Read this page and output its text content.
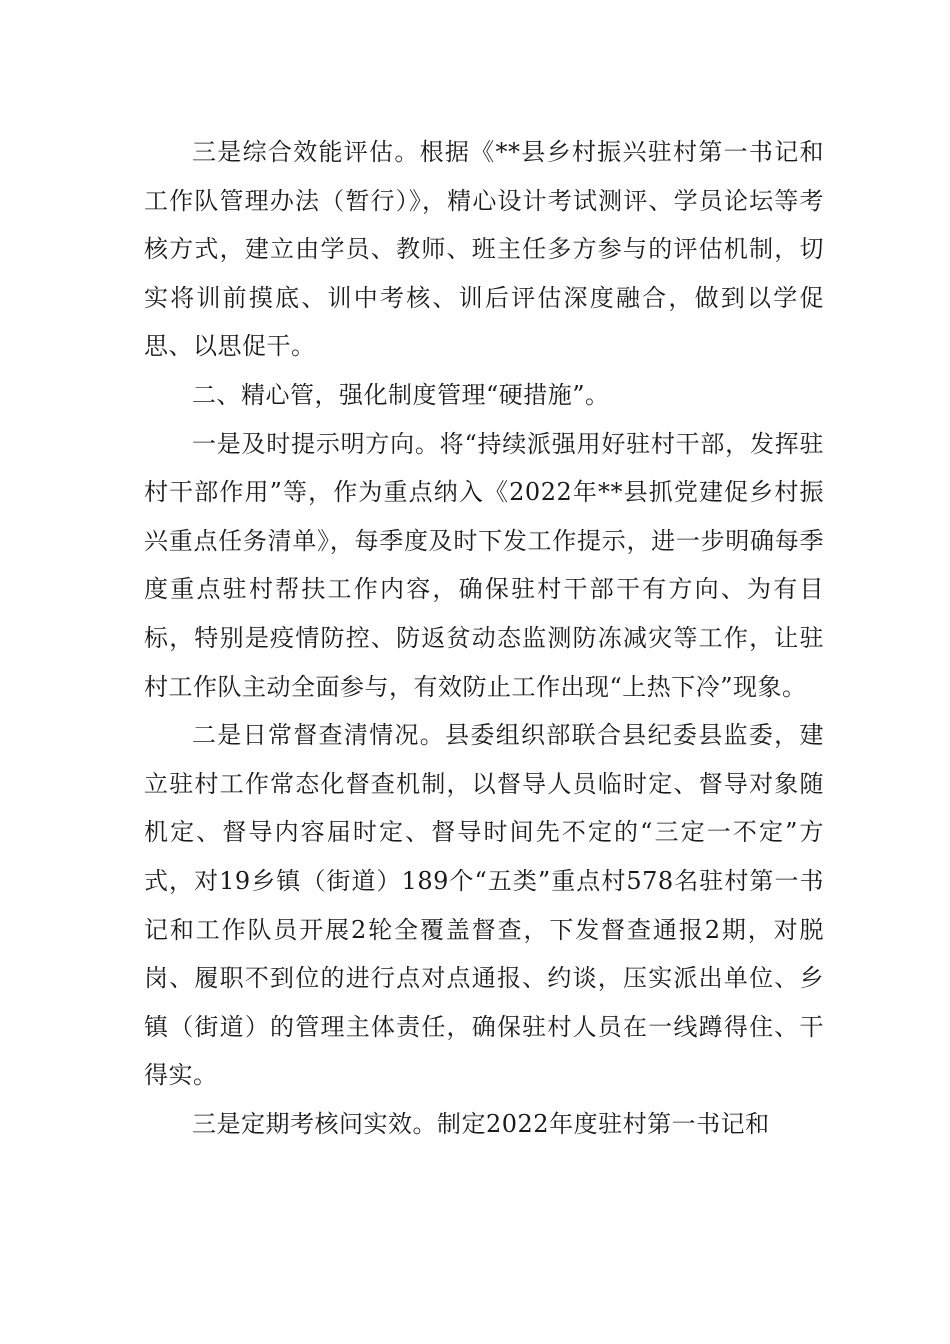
三是综合效能评估。根据《**县乡村振兴驻村第一书记和工作队管理办法（暂行）》，精心设计考试测评、学员论坛等考核方式，建立由学员、教师、班主任多方参与的评估机制，切实将训前摸底、训中考核、训后评估深度融合，做到以学促思、以思促干。

二、精心管，强化制度管理“硬措施”。

一是及时提示明方向。将“持续派强用好驻村干部，发挥驻村干部作用”等，作为重点纳入《2022年**县抓党建促乡村振兴重点任务清单》，每季度及时下发工作提示，进一步明确每季度重点驻村帮扶工作内容，确保驻村干部干有方向、为有目标，特别是疫情防控、防返贫动态监测防冻减灾等工作，让驻村工作队主动全面参与，有效防止工作出现“上热下冷”现象。

二是日常督查清情况。县委组织部联合县纪委县监委，建立驻村工作常态化督查机制，以督导人员临时定、督导对象随机定、督导内容届时定、督导时间先不定的“三定一不定”方式，对19乡镇（街道）189个“五类”重点村578名驻村第一书记和工作队员开展2轮全覆盖督查，下发督查通报2期，对脱岗、履职不到位的进行点对点通报、约谈，压实派出单位、乡镇（街道）的管理主体责任，确保驻村人员在一线蹲得住、干得实。

三是定期考核问实效。制定2022年度驻村第一书记和
